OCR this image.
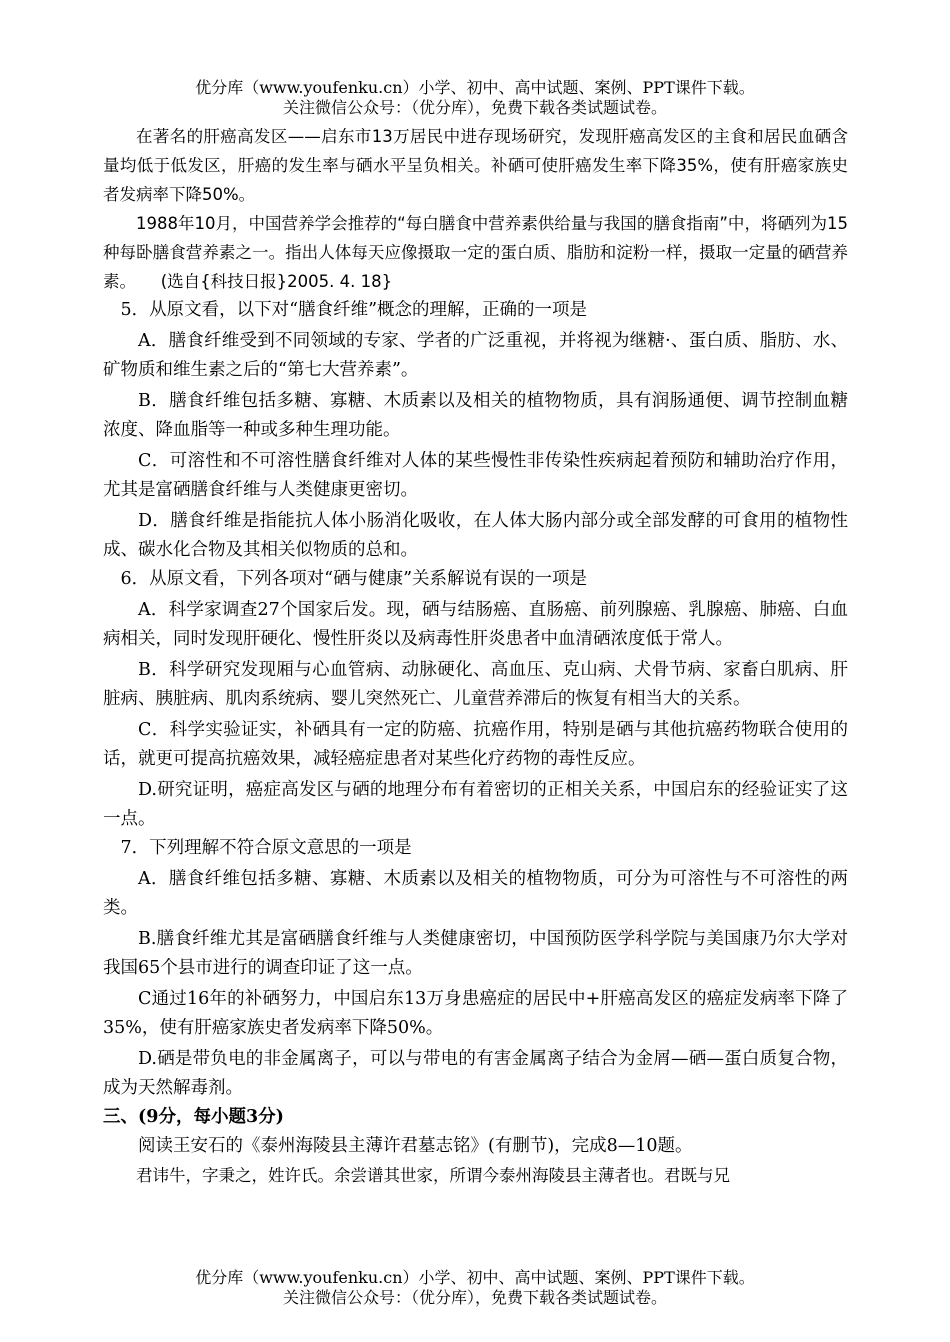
优分库（www.youfenku.cn）小学、初中、高中试题、案例、PPT课件下载。
关注微信公众号：（优分库），免费下载各类试题试卷。

在著名的肝癌高发区——启东市13万居民中进存现场研究，发现肝癌高发区的主食和居民血硒含量均低于低发区，肝癌的发生率与硒水平呈负相关。补硒可使肝癌发生率下降35%，使有肝癌家族史者发病率下降50%。

1988年10月，中国营养学会推荐的“每白膳食中营养素供给量与我国的膳食指南”中，将硒列为15种每卧膳食营养素之一。指出人体每天应像摄取一定的蛋白质、脂肪和淀粉一样，摄取一定量的硒营养素。　　(选自{科技日报}2005. 4. 18}

5．从原文看，以下对“膳食纤维”概念的理解，正确的一项是

A．膳食纤维受到不同领域的专家、学者的广泛重视，并将视为继糖·、蛋白质、脂肪、水、矿物质和维生素之后的“第七大营养素”。

B．膳食纤维包括多糖、寡糖、木质素以及相关的植物物质，具有润肠通便、调节控制血糖浓度、降血脂等一种或多种生理功能。

C．可溶性和不可溶性膳食纤维对人体的某些慢性非传染性疾病起着预防和辅助治疗作用，尤其是富硒膳食纤维与人类健康更密切。

D．膳食纤维是指能抗人体小肠消化吸收，在人体大肠内部分或全部发酵的可食用的植物性成、碳水化合物及其相关似物质的总和。

6．从原文看，下列各项对“硒与健康”关系解说有误的一项是

A．科学家调查27个国家后发。现，硒与结肠癌、直肠癌、前列腺癌、乳腺癌、肺癌、白血病相关，同时发现肝硬化、慢性肝炎以及病毒性肝炎患者中血清硒浓度低于常人。

B．科学研究发现厢与心血管病、动脉硬化、高血压、克山病、犬骨节病、家畜白肌病、肝脏病、胰脏病、肌肉系统病、婴儿突然死亡、儿童营养滞后的恢复有相当大的关系。

C．科学实验证实，补硒具有一定的防癌、抗癌作用，特别是硒与其他抗癌药物联合使用的话，就更可提高抗癌效果，减轻癌症患者对某些化疗药物的毒性反应。

D.研究证明，癌症高发区与硒的地理分布有着密切的正相关关系，中国启东的经验证实了这一点。

7．下列理解不符合原文意思的一项是

A．膳食纤维包括多糖、寡糖、木质素以及相关的植物物质，可分为可溶性与不可溶性的两类。

B.膳食纤维尤其是富硒膳食纤维与人类健康密切，中国预防医学科学院与美国康乃尔大学对我国65个县市进行的调查印证了这一点。

C通过16年的补硒努力，中国启东13万身患癌症的居民中+肝癌高发区的癌症发病率下降了35%，使有肝癌家族史者发病率下降50%。

D.硒是带负电的非金属离子，可以与带电的有害金属离子结合为金屑—硒—蛋白质复合物，成为天然解毒剂。

三、(9分，每小题3分)

阅读王安石的《泰州海陵县主薄许君墓志铭》(有删节)，完成8—10题。

君讳牛，字秉之，姓许氏。余尝谱其世家，所谓今泰州海陵县主薄者也。君既与兄

优分库（www.youfenku.cn）小学、初中、高中试题、案例、PPT课件下载。
关注微信公众号：（优分库），免费下载各类试题试卷。
